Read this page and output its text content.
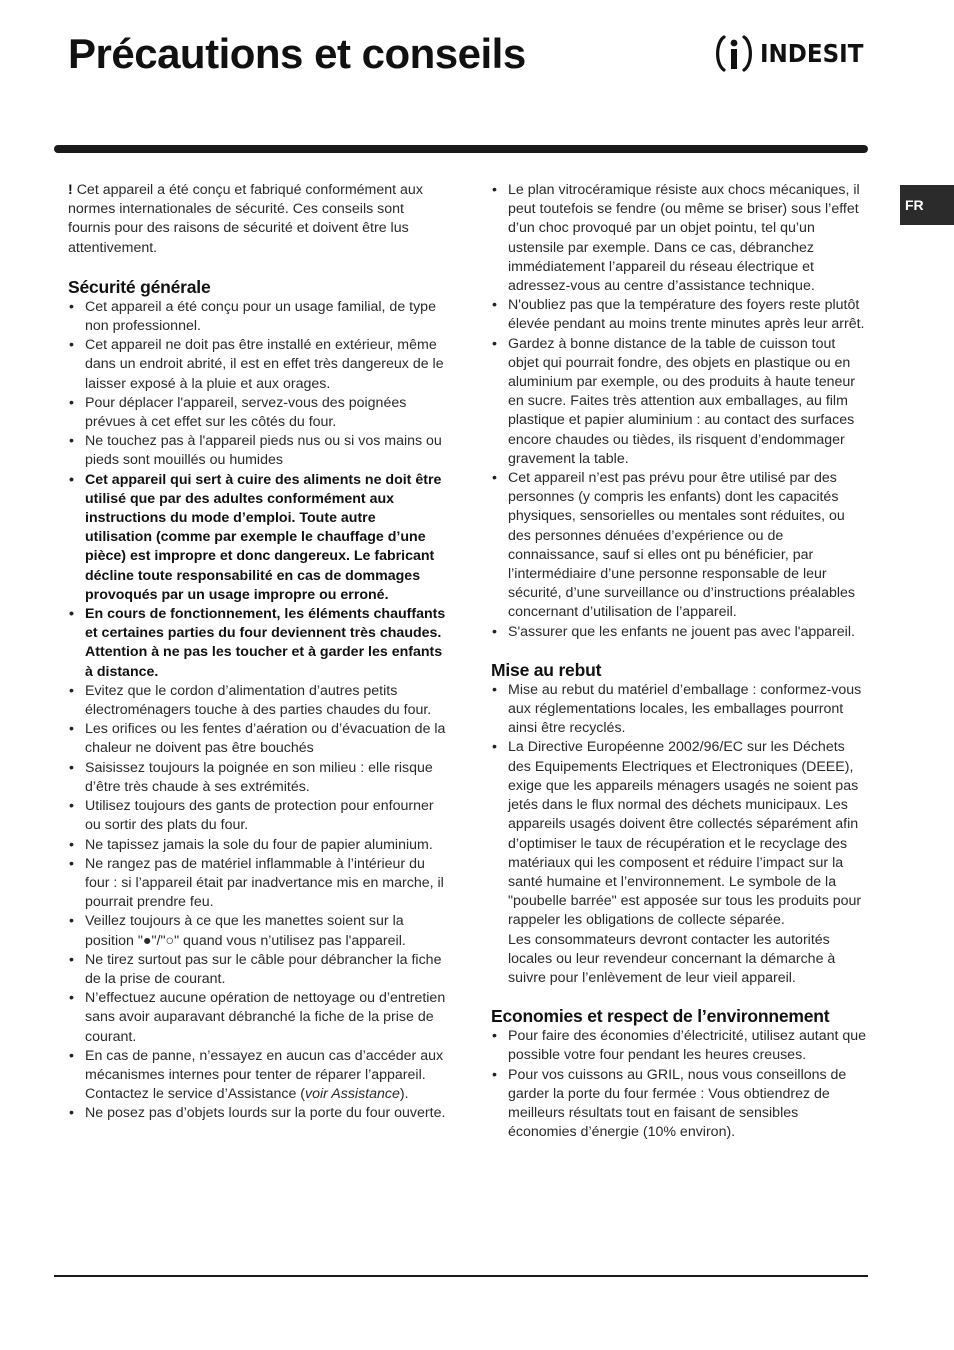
Précautions et conseils	INDESIT
FR

! Cet appareil a été conçu et fabriqué conformément aux normes internationales de sécurité. Ces conseils sont fournis pour des raisons de sécurité et doivent être lus attentivement.

Sécurité générale
• Cet appareil a été conçu pour un usage familial, de type non professionnel.
• Cet appareil ne doit pas être installé en extérieur, même dans un endroit abrité, il est en effet très dangereux de le laisser exposé à la pluie et aux orages.
• Pour déplacer l'appareil, servez-vous des poignées prévues à cet effet sur les côtés du four.
• Ne touchez pas à l'appareil pieds nus ou si vos mains ou pieds sont mouillés ou humides
• Cet appareil qui sert à cuire des aliments ne doit être utilisé que par des adultes conformément aux instructions du mode d’emploi. Toute autre utilisation (comme par exemple le chauffage d’une pièce) est impropre et donc dangereux. Le fabricant décline toute responsabilité en cas de dommages provoqués par un usage impropre ou erroné.
• En cours de fonctionnement, les éléments chauffants et certaines parties du four deviennent très chaudes. Attention à ne pas les toucher et à garder les enfants à distance.
• Evitez que le cordon d’alimentation d’autres petits électroménagers touche à des parties chaudes du four.
• Les orifices ou les fentes d’aération ou d’évacuation de la chaleur ne doivent pas être bouchés
• Saisissez toujours la poignée en son milieu : elle risque d’être très chaude à ses extrémités.
• Utilisez toujours des gants de protection pour enfourner ou sortir des plats du four.
• Ne tapissez jamais la sole du four de papier aluminium.
• Ne rangez pas de matériel inflammable à l’intérieur du four : si l’appareil était par inadvertance mis en marche, il pourrait prendre feu.
• Veillez toujours à ce que les manettes soient sur la position "●"/"○" quand vous n’utilisez pas l'appareil.
• Ne tirez surtout pas sur le câble pour débrancher la fiche de la prise de courant.
• N’effectuez aucune opération de nettoyage ou d’entretien sans avoir auparavant débranché la fiche de la prise de courant.
• En cas de panne, n’essayez en aucun cas d’accéder aux mécanismes internes pour tenter de réparer l’appareil. Contactez le service d’Assistance (voir Assistance).
• Ne posez pas d’objets lourds sur la porte du four ouverte.
• Le plan vitrocéramique résiste aux chocs mécaniques, il peut toutefois se fendre (ou même se briser) sous l’effet d’un choc provoqué par un objet pointu, tel qu’un ustensile par exemple. Dans ce cas, débranchez immédiatement l’appareil du réseau électrique et adressez-vous au centre d’assistance technique.
• N'oubliez pas que la température des foyers reste plutôt élevée pendant au moins trente minutes après leur arrêt.
• Gardez à bonne distance de la table de cuisson tout objet qui pourrait fondre, des objets en plastique ou en aluminium par exemple, ou des produits à haute teneur en sucre. Faites très attention aux emballages, au film plastique et papier aluminium : au contact des surfaces encore chaudes ou tièdes, ils risquent d’endommager gravement la table.
• Cet appareil n’est pas prévu pour être utilisé par des personnes (y compris les enfants) dont les capacités physiques, sensorielles ou mentales sont réduites, ou des personnes dénuées d’expérience ou de connaissance, sauf si elles ont pu bénéficier, par l’intermédiaire d’une personne responsable de leur sécurité, d’une surveillance ou d’instructions préalables concernant d’utilisation de l’appareil.
• S'assurer que les enfants ne jouent pas avec l'appareil.
Mise au rebut
• Mise au rebut du matériel d’emballage : conformez-vous aux réglementations locales, les emballages pourront ainsi être recyclés.
• La Directive Européenne 2002/96/EC sur les Déchets des Equipements Electriques et Electroniques (DEEE), exige que les appareils ménagers usagés ne soient pas jetés dans le flux normal des déchets municipaux. Les appareils usagés doivent être collectés séparément afin d’optimiser le taux de récupération et le recyclage des matériaux qui les composent et réduire l’impact sur la santé humaine et l’environnement. Le symbole de la "poubelle barrée" est apposée sur tous les produits pour rappeler les obligations de collecte séparée.
Les consommateurs devront contacter les autorités locales ou leur revendeur concernant la démarche à suivre pour l’enlèvement de leur vieil appareil.
Economies et respect de l’environnement
• Pour faire des économies d’électricité, utilisez autant que possible votre four pendant les heures creuses.
• Pour vos cuissons au GRIL, nous vous conseillons de garder la porte du four fermée : Vous obtiendrez de meilleurs résultats tout en faisant de sensibles économies d’énergie (10% environ).
